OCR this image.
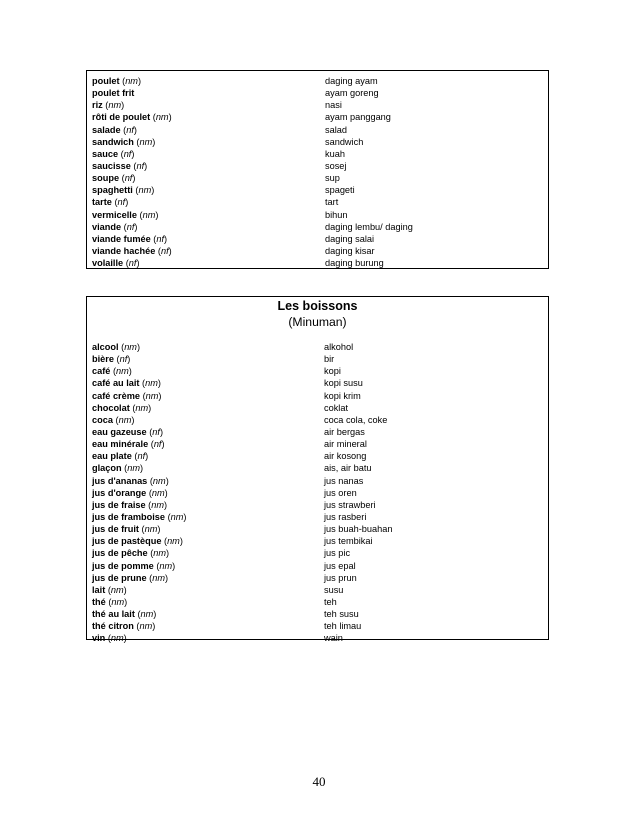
poulet (nm)	daging ayam
poulet frit	ayam goreng
riz (nm)	nasi
rôti de poulet (nm)	ayam panggang
salade (nf)	salad
sandwich (nm)	sandwich
sauce (nf)	kuah
saucisse (nf)	sosej
soupe (nf)	sup
spaghetti (nm)	spageti
tarte (nf)	tart
vermicelle (nm)	bihun
viande (nf)	daging lembu/ daging
viande fumée (nf)	daging salai
viande hachée (nf)	daging kisar
volaille (nf)	daging burung
Les boissons
(Minuman)
alcool (nm)	alkohol
bière (nf)	bir
café (nm)	kopi
café au lait (nm)	kopi susu
café crème (nm)	kopi krim
chocolat (nm)	coklat
coca (nm)	coca cola, coke
eau gazeuse (nf)	air bergas
eau minérale (nf)	air mineral
eau plate (nf)	air kosong
glaçon (nm)	ais, air batu
jus d'ananas (nm)	jus nanas
jus d'orange (nm)	jus oren
jus de fraise (nm)	jus strawberi
jus de framboise (nm)	jus rasberi
jus de fruit (nm)	jus buah-buahan
jus de pastèque (nm)	jus tembikai
jus de pêche (nm)	jus pic
jus de pomme (nm)	jus epal
jus de prune (nm)	jus prun
lait (nm)	susu
thé (nm)	teh
thé au lait (nm)	teh susu
thé citron (nm)	teh limau
vin (nm)	wain
40
